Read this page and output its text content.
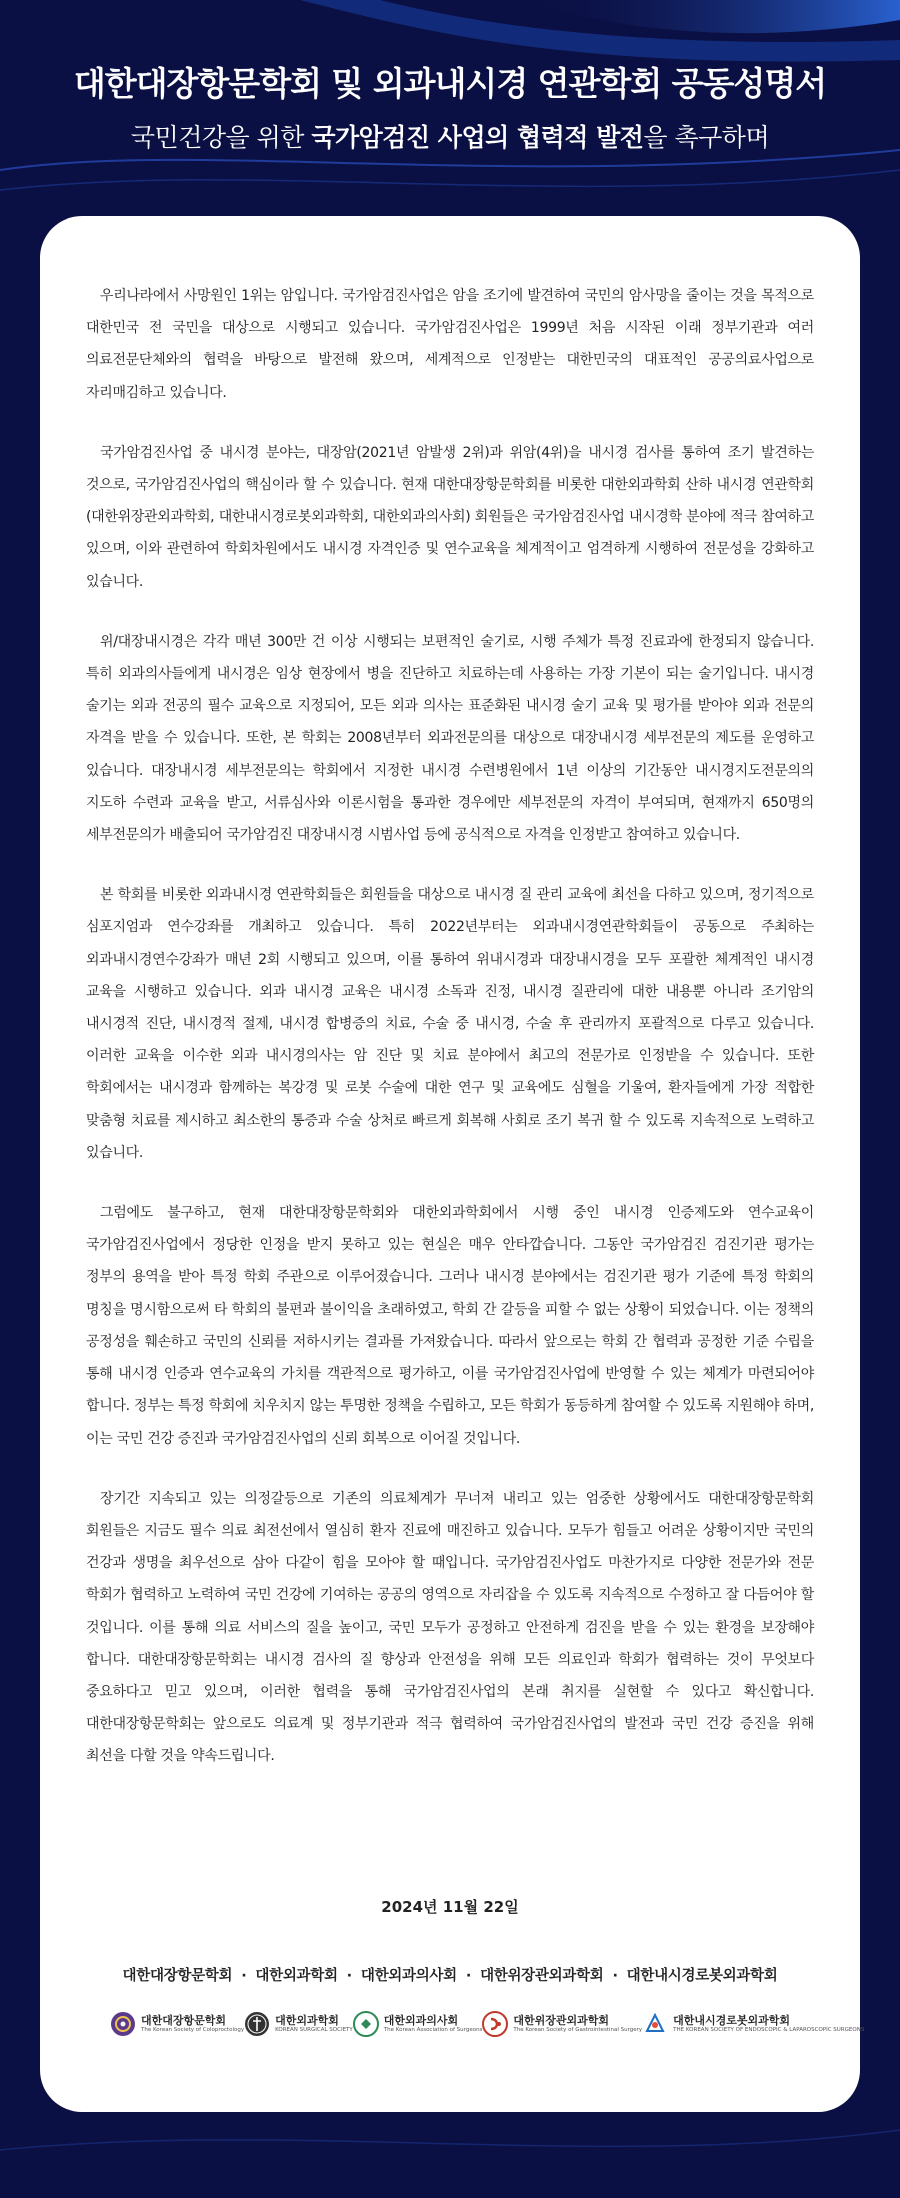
대한대장항문학회 및 외과내시경 연관학회 공동성명서
국민건강을 위한 국가암검진 사업의 협력적 발전을 촉구하며

우리나라에서 사망원인 1위는 암입니다. 국가암검진사업은 암을 조기에 발견하여 국민의 암사망을 줄이는 것을 목적으로 대한민국 전 국민을 대상으로 시행되고 있습니다. 국가암검진사업은 1999년 처음 시작된 이래 정부기관과 여러 의료전문단체와의 협력을 바탕으로 발전해 왔으며, 세계적으로 인정받는 대한민국의 대표적인 공공의료사업으로 자리매김하고 있습니다.

국가암검진사업 중 내시경 분야는, 대장암(2021년 암발생 2위)과 위암(4위)을 내시경 검사를 통하여 조기 발견하는 것으로, 국가암검진사업의 핵심이라 할 수 있습니다. 현재 대한대장항문학회를 비롯한 대한외과학회 산하 내시경 연관학회 (대한위장관외과학회, 대한내시경로봇외과학회, 대한외과의사회) 회원들은 국가암검진사업 내시경학 분야에 적극 참여하고 있으며, 이와 관련하여 학회차원에서도 내시경 자격인증 및 연수교육을 체계적이고 엄격하게 시행하여 전문성을 강화하고 있습니다.

위/대장내시경은 각각 매년 300만 건 이상 시행되는 보편적인 술기로, 시행 주체가 특정 진료과에 한정되지 않습니다. 특히 외과의사들에게 내시경은 임상 현장에서 병을 진단하고 치료하는데 사용하는 가장 기본이 되는 술기입니다. 내시경 술기는 외과 전공의 필수 교육으로 지정되어, 모든 외과 의사는 표준화된 내시경 술기 교육 및 평가를 받아야 외과 전문의 자격을 받을 수 있습니다. 또한, 본 학회는 2008년부터 외과전문의를 대상으로 대장내시경 세부전문의 제도를 운영하고 있습니다. 대장내시경 세부전문의는 학회에서 지정한 내시경 수련병원에서 1년 이상의 기간동안 내시경지도전문의의 지도하 수련과 교육을 받고, 서류심사와 이론시험을 통과한 경우에만 세부전문의 자격이 부여되며, 현재까지 650명의 세부전문의가 배출되어 국가암검진 대장내시경 시범사업 등에 공식적으로 자격을 인정받고 참여하고 있습니다.

본 학회를 비롯한 외과내시경 연관학회들은 회원들을 대상으로 내시경 질 관리 교육에 최선을 다하고 있으며, 정기적으로 심포지엄과 연수강좌를 개최하고 있습니다. 특히 2022년부터는 외과내시경연관학회들이 공동으로 주최하는 외과내시경연수강좌가 매년 2회 시행되고 있으며, 이를 통하여 위내시경과 대장내시경을 모두 포괄한 체계적인 내시경 교육을 시행하고 있습니다. 외과 내시경 교육은 내시경 소독과 진정, 내시경 질관리에 대한 내용뿐 아니라 조기암의 내시경적 진단, 내시경적 절제, 내시경 합병증의 치료, 수술 중 내시경, 수술 후 관리까지 포괄적으로 다루고 있습니다. 이러한 교육을 이수한 외과 내시경의사는 암 진단 및 치료 분야에서 최고의 전문가로 인정받을 수 있습니다. 또한 학회에서는 내시경과 함께하는 복강경 및 로봇 수술에 대한 연구 및 교육에도 심혈을 기울여, 환자들에게 가장 적합한 맞춤형 치료를 제시하고 최소한의 통증과 수술 상처로 빠르게 회복해 사회로 조기 복귀 할 수 있도록 지속적으로 노력하고 있습니다.

그럼에도 불구하고, 현재 대한대장항문학회와 대한외과학회에서 시행 중인 내시경 인증제도와 연수교육이 국가암검진사업에서 정당한 인정을 받지 못하고 있는 현실은 매우 안타깝습니다. 그동안 국가암검진 검진기관 평가는 정부의 용역을 받아 특정 학회 주관으로 이루어졌습니다. 그러나 내시경 분야에서는 검진기관 평가 기준에 특정 학회의 명칭을 명시함으로써 타 학회의 불편과 불이익을 초래하였고, 학회 간 갈등을 피할 수 없는 상황이 되었습니다. 이는 정책의 공정성을 훼손하고 국민의 신뢰를 저하시키는 결과를 가져왔습니다. 따라서 앞으로는 학회 간 협력과 공정한 기준 수립을 통해 내시경 인증과 연수교육의 가치를 객관적으로 평가하고, 이를 국가암검진사업에 반영할 수 있는 체계가 마련되어야 합니다. 정부는 특정 학회에 치우치지 않는 투명한 정책을 수립하고, 모든 학회가 동등하게 참여할 수 있도록 지원해야 하며, 이는 국민 건강 증진과 국가암검진사업의 신뢰 회복으로 이어질 것입니다.

장기간 지속되고 있는 의정갈등으로 기존의 의료체계가 무너져 내리고 있는 엄중한 상황에서도 대한대장항문학회 회원들은 지금도 필수 의료 최전선에서 열심히 환자 진료에 매진하고 있습니다. 모두가 힘들고 어려운 상황이지만 국민의 건강과 생명을 최우선으로 삼아 다같이 힘을 모아야 할 때입니다. 국가암검진사업도 마찬가지로 다양한 전문가와 전문 학회가 협력하고 노력하여 국민 건강에 기여하는 공공의 영역으로 자리잡을 수 있도록 지속적으로 수정하고 잘 다듬어야 할 것입니다. 이를 통해 의료 서비스의 질을 높이고, 국민 모두가 공정하고 안전하게 검진을 받을 수 있는 환경을 보장해야 합니다. 대한대장항문학회는 내시경 검사의 질 향상과 안전성을 위해 모든 의료인과 학회가 협력하는 것이 무엇보다 중요하다고 믿고 있으며, 이러한 협력을 통해 국가암검진사업의 본래 취지를 실현할 수 있다고 확신합니다. 대한대장항문학회는 앞으로도 의료계 및 정부기관과 적극 협력하여 국가암검진사업의 발전과 국민 건강 증진을 위해 최선을 다할 것을 약속드립니다.

2024년 11월 22일
대한대장항문학회 · 대한외과학회 · 대한외과의사회 · 대한위장관외과학회 · 대한내시경로봇외과학회
대한대장항문학회
The Korean Society of Coloproctology
대한외과학회
KOREAN SURGICAL SOCIETY
대한외과의사회
The Korean Association of Surgeons
대한위장관외과학회
The Korean Society of Gastrointestinal Surgery
대한내시경로봇외과학회
THE KOREAN SOCIETY OF ENDOSCOPIC & LAPAROSCOPIC SURGEONS
